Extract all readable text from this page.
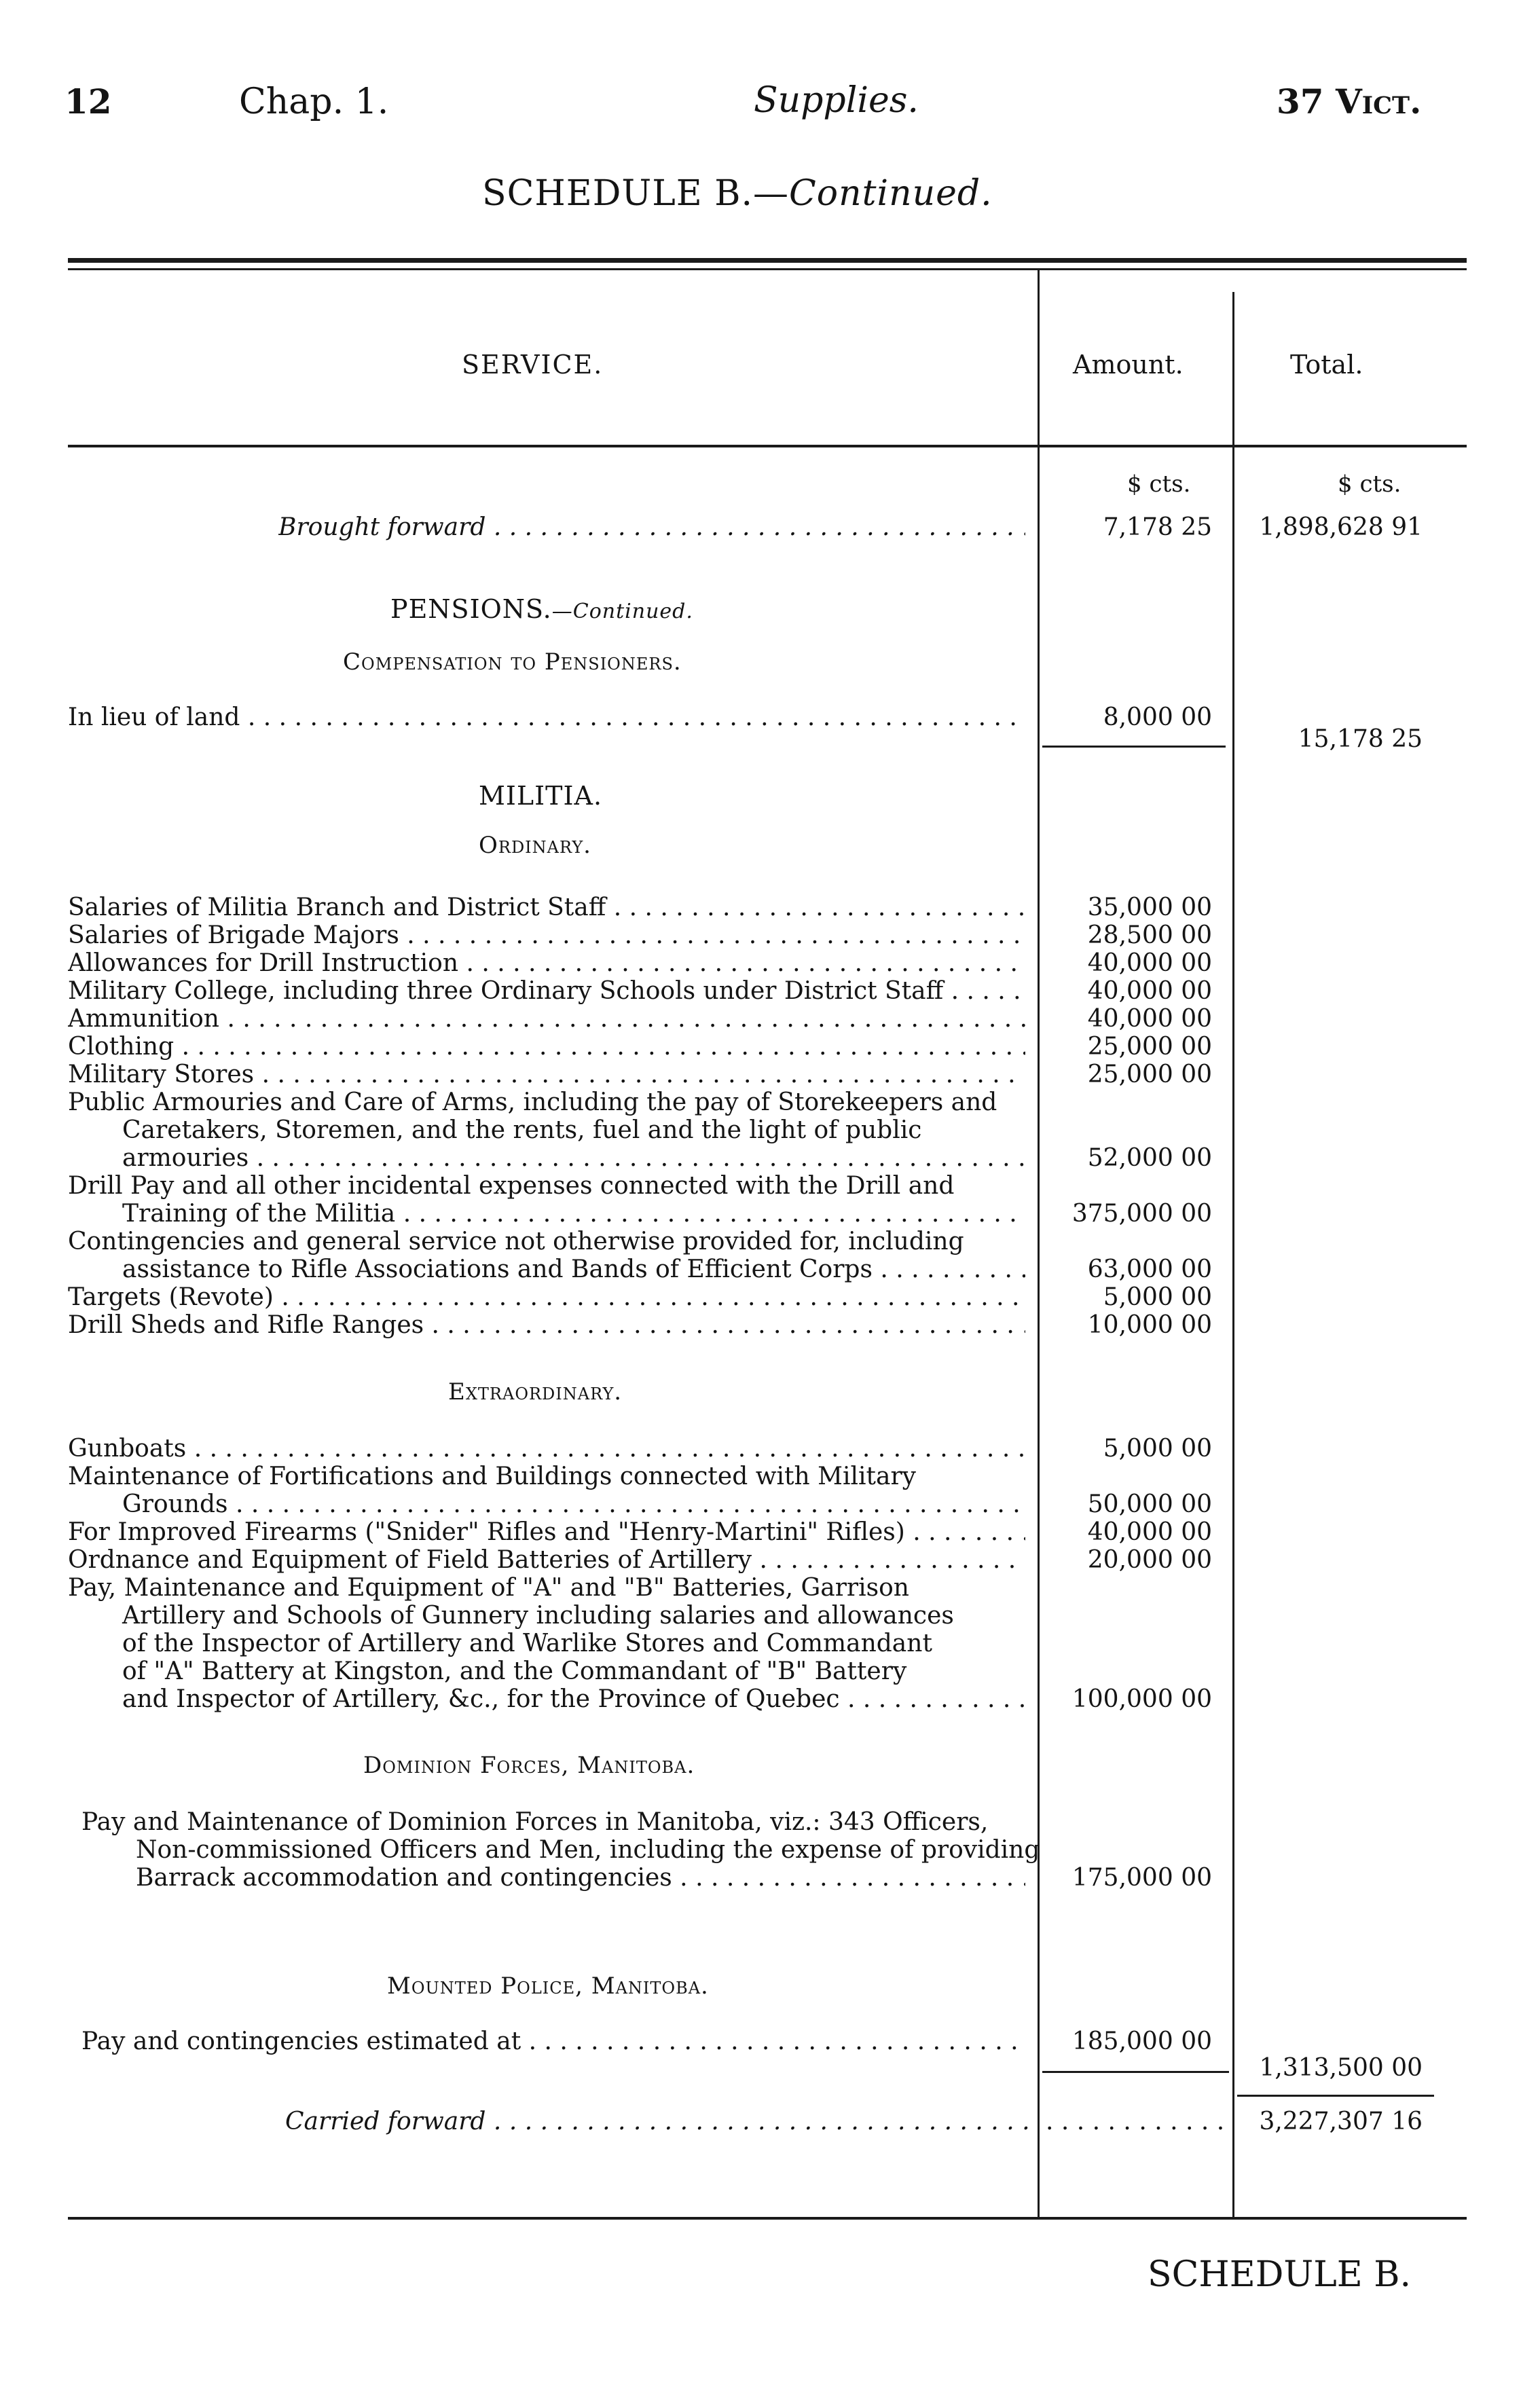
12	Chap. 1.	Supplies.	37 Vict.
SCHEDULE B.—Continued.
SERVICE.	Amount.	Total.
$ cts.	$ cts.
Brought forward . . .	7,178 25	1,898,628 91
PENSIONS.—Continued.
Compensation to Pensioners.
In lieu of land . . .	8,000 00
15,178 25
MILITIA.
Ordinary.
Salaries of Militia Branch and District Staff . . .	35,000 00
Salaries of Brigade Majors . . .	28,500 00
Allowances for Drill Instruction . . .	40,000 00
Military College, including three Ordinary Schools under District Staff . . .	40,000 00
Ammunition . . .	40,000 00
Clothing . . .	25,000 00
Military Stores . . .	25,000 00
Public Armouries and Care of Arms, including the pay of Storekeepers and
Caretakers, Storemen, and the rents, fuel and the light of public
armouries . . .	52,000 00
Drill Pay and all other incidental expenses connected with the Drill and
Training of the Militia . . .	375,000 00
Contingencies and general service not otherwise provided for, including
assistance to Rifle Associations and Bands of Efficient Corps . . .	63,000 00
Targets (Revote) . . .	5,000 00
Drill Sheds and Rifle Ranges . . .	10,000 00
Extraordinary.
Gunboats . . .	5,000 00
Maintenance of Fortifications and Buildings connected with Military
Grounds . . .	50,000 00
For Improved Firearms ("Snider" Rifles and "Henry-Martini" Rifles) . . .	40,000 00
Ordnance and Equipment of Field Batteries of Artillery . . .	20,000 00
Pay, Maintenance and Equipment of "A" and "B" Batteries, Garrison
Artillery and Schools of Gunnery including salaries and allowances
of the Inspector of Artillery and Warlike Stores and Commandant
of "A" Battery at Kingston, and the Commandant of "B" Battery
and Inspector of Artillery, &c., for the Province of Quebec . . .	100,000 00
Dominion Forces, Manitoba.
Pay and Maintenance of Dominion Forces in Manitoba, viz.: 343 Officers,
Non-commissioned Officers and Men, including the expense of providing
Barrack accommodation and contingencies . . .	175,000 00
Mounted Police, Manitoba.
Pay and contingencies estimated at . . .	185,000 00
1,313,500 00
Carried forward . . .
. . .	3,227,307 16
SCHEDULE B.
